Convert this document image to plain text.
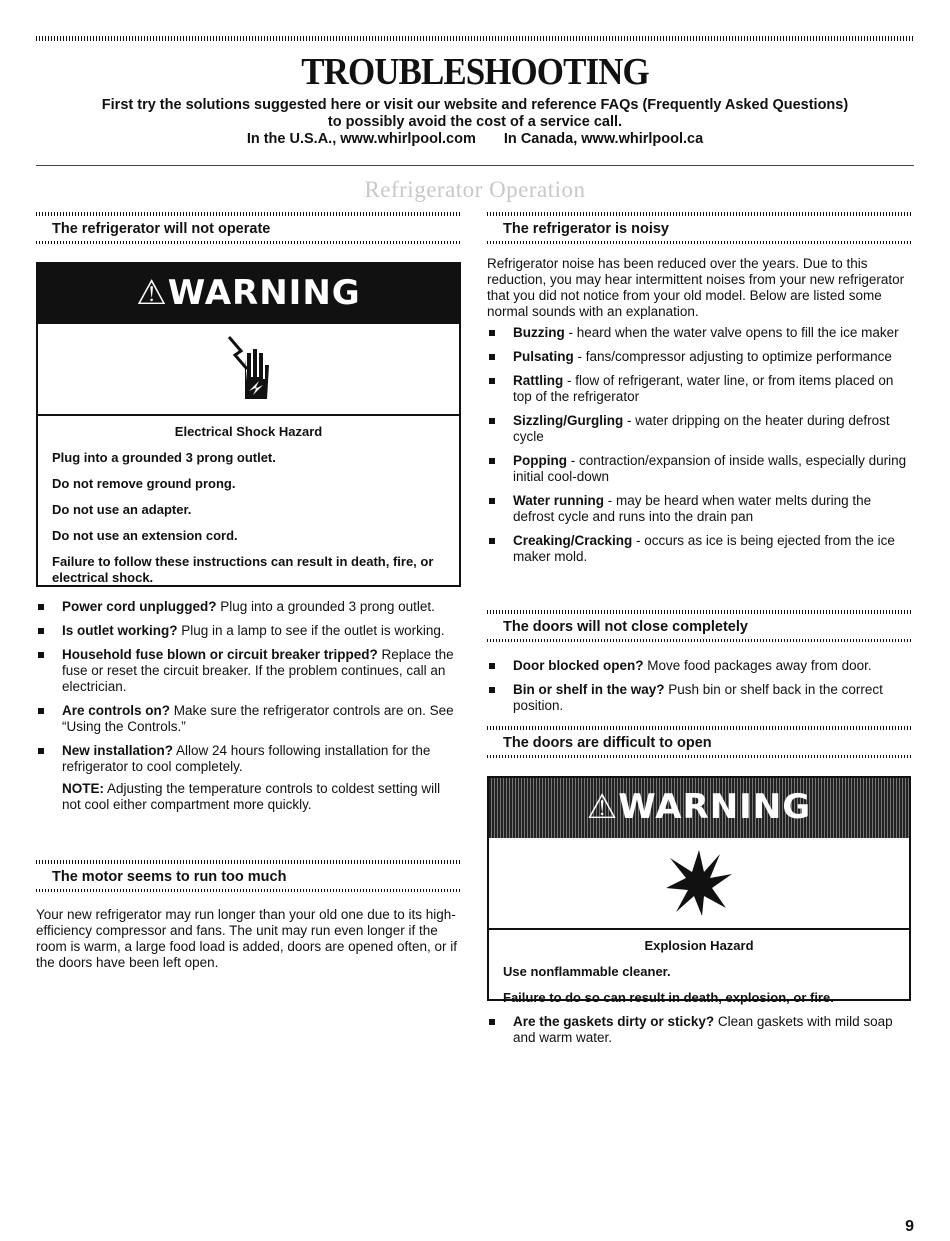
TROUBLESHOOTING
First try the solutions suggested here or visit our website and reference FAQs (Frequently Asked Questions)
to possibly avoid the cost of a service call.
In the U.S.A., www.whirlpool.com In Canada, www.whirlpool.ca
Refrigerator Operation
The refrigerator will not operate
⚠WARNING
Electrical Shock Hazard

Plug into a grounded 3 prong outlet.

Do not remove ground prong.

Do not use an adapter.

Do not use an extension cord.

Failure to follow these instructions can result in death, fire, or electrical shock.

Power cord unplugged? Plug into a grounded 3 prong outlet.
Is outlet working? Plug in a lamp to see if the outlet is working.
Household fuse blown or circuit breaker tripped? Replace the fuse or reset the circuit breaker. If the problem continues, call an electrician.
Are controls on? Make sure the refrigerator controls are on. See “Using the Controls.”
New installation? Allow 24 hours following installation for the refrigerator to cool completely.
NOTE: Adjusting the temperature controls to coldest setting will not cool either compartment more quickly.
The motor seems to run too much
Your new refrigerator may run longer than your old one due to its high-efficiency compressor and fans. The unit may run even longer if the room is warm, a large food load is added, doors are opened often, or if the doors have been left open.
The refrigerator is noisy
Refrigerator noise has been reduced over the years. Due to this reduction, you may hear intermittent noises from your new refrigerator that you did not notice from your old model. Below are listed some normal sounds with an explanation.
Buzzing - heard when the water valve opens to fill the ice maker
Pulsating - fans/compressor adjusting to optimize performance
Rattling - flow of refrigerant, water line, or from items placed on top of the refrigerator
Sizzling/Gurgling - water dripping on the heater during defrost cycle
Popping - contraction/expansion of inside walls, especially during initial cool-down
Water running - may be heard when water melts during the defrost cycle and runs into the drain pan
Creaking/Cracking - occurs as ice is being ejected from the ice maker mold.
The doors will not close completely
Door blocked open? Move food packages away from door.
Bin or shelf in the way? Push bin or shelf back in the correct position.
The doors are difficult to open
⚠WARNING
Explosion Hazard

Use nonflammable cleaner.

Failure to do so can result in death, explosion, or fire.

Are the gaskets dirty or sticky? Clean gaskets with mild soap and warm water.
9
